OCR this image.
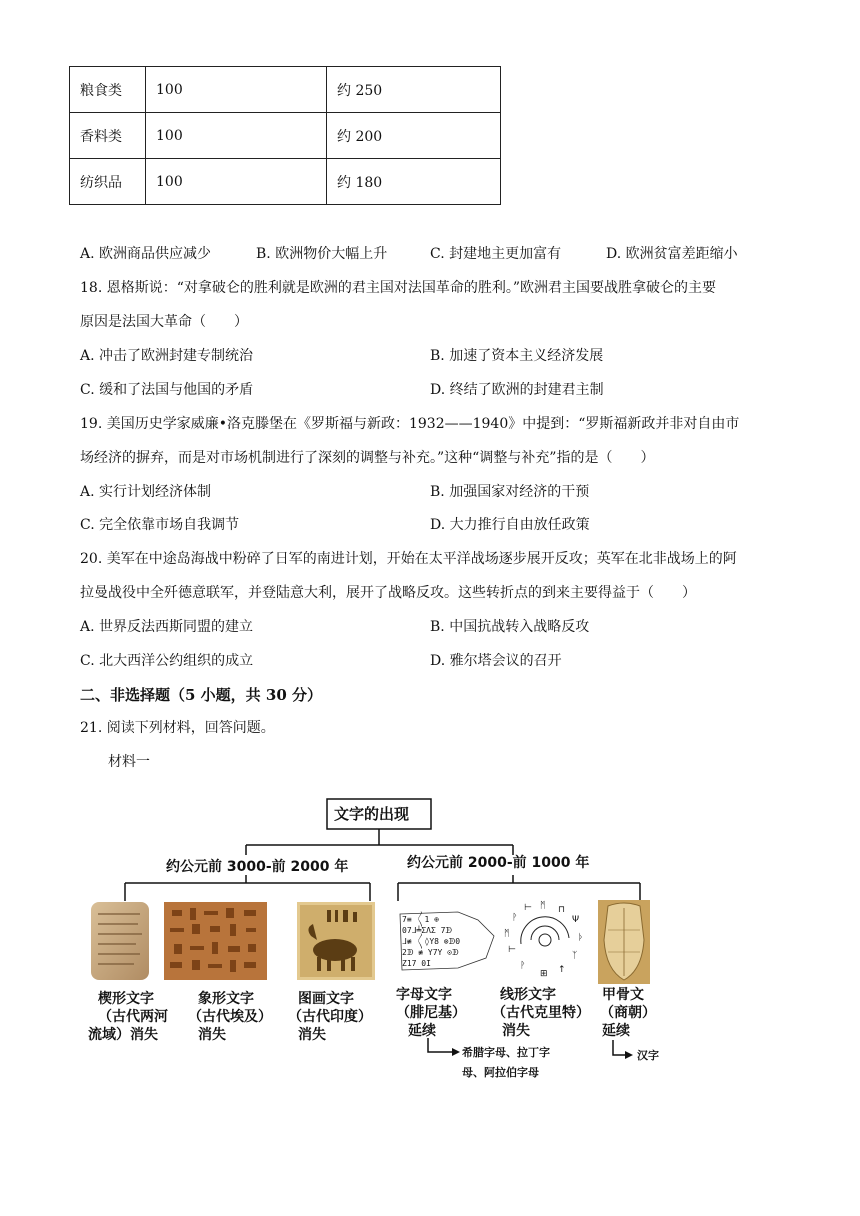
粮食类	100	约 250
香料类	100	约 200
纺织品	100	约 180
A. 欧洲商品供应减少	B. 欧洲物价大幅上升	C. 封建地主更加富有	D. 欧洲贫富差距缩小
18. 恩格斯说：“对拿破仑的胜利就是欧洲的君主国对法国革命的胜利。”欧洲君主国要战胜拿破仑的主要
原因是法国大革命（　　）
A. 冲击了欧洲封建专制统治	B. 加速了资本主义经济发展
C. 缓和了法国与他国的矛盾	D. 终结了欧洲的封建君主制
19. 美国历史学家威廉•洛克滕堡在《罗斯福与新政：1932——1940》中提到：“罗斯福新政并非对自由市
场经济的摒弃，而是对市场机制进行了深刻的调整与补充。”这种“调整与补充”指的是（　　）
A. 实行计划经济体制	B. 加强国家对经济的干预
C. 完全依靠市场自我调节	D. 大力推行自由放任政策
20. 美军在中途岛海战中粉碎了日军的南进计划，开始在太平洋战场逐步展开反攻；英军在北非战场上的阿
拉曼战役中全歼德意联军，并登陆意大利，展开了战略反攻。这些转折点的到来主要得益于（　　）
A. 世界反法西斯同盟的建立	B. 中国抗战转入战略反攻
C. 北大西洋公约组织的成立	D. 雅尔塔会议的召开
二、非选择题（5 小题，共 30 分）
21. 阅读下列材料，回答问题。
材料一
文字的出现
约公元前 3000-前 2000 年	约公元前 2000-前 1000 年
7≡ 〱1 ⊕
07ᒧ╧ΣΛΣ 7ᗫ
ᒧ≢ 〱◊Y8 ⊗ᗫ0
2ᗫ ≢ Y7Y ⊙ᗫ
Z17 0I
ᚹ
⊢ ᛗ ⊓
Ψ
ᚦ
ᛉ
↑
⊞
ᚹ
⊢
ᛗ
楔形文字
（古代两河
流域）消失
象形文字
（古代埃及）
消失
图画文字
（古代印度）
消失
字母文字
（腓尼基）
延续
线形文字
（古代克里特）
消失
甲骨文
（商朝）
延续
希腊字母、拉丁字
母、阿拉伯字母
汉字
